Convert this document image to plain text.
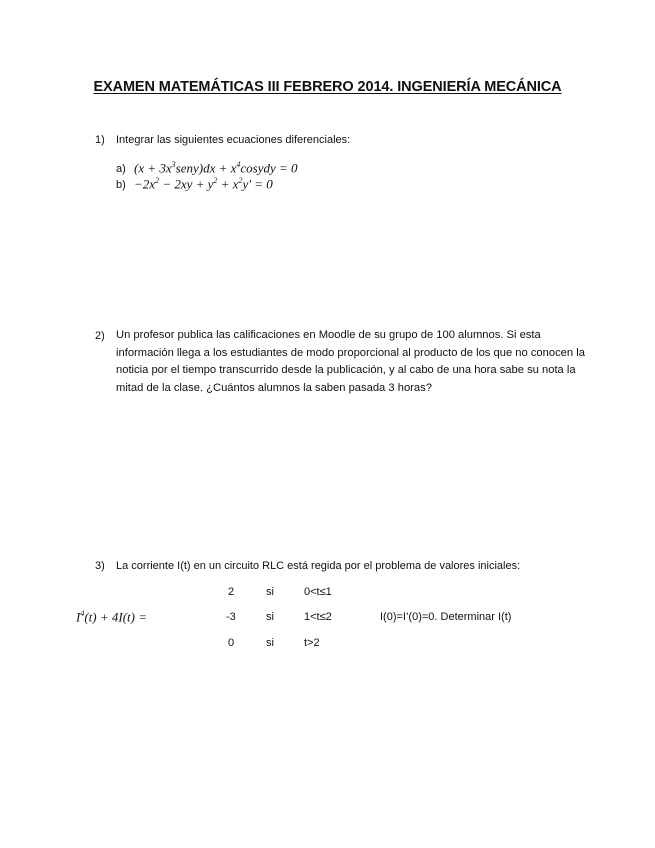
EXAMEN MATEMÁTICAS III FEBRERO 2014. INGENIERÍA MECÁNICA
1) Integrar las siguientes ecuaciones diferenciales:
a) $(x + 3x^3seny)dx$ + $x^4cosydy = 0$
$b) -2x^2 - 2xy + y^2 + x^2y' = 0$
2) Un profesor publica las calificaciones en Moodle de su grupo de 100 alumnos. Si esta información llega a los estudiantes de modo proporcional al producto de los que no conocen la noticia por el tiempo transcurrido desde la publicación, y al cabo de una hora sabe su nota la mitad de la clase. ¿Cuántos alumnos la saben pasada 3 horas?
3) La corriente I(t) en un circuito RLC está regida por el problema de valores iniciales:
$I^4(t) + 4I(t)$ =
2	si	0<t≤1
-3	si	1<t≤2
0	si	t>2
I(0)=I’(0)=0. Determinar I(t)
